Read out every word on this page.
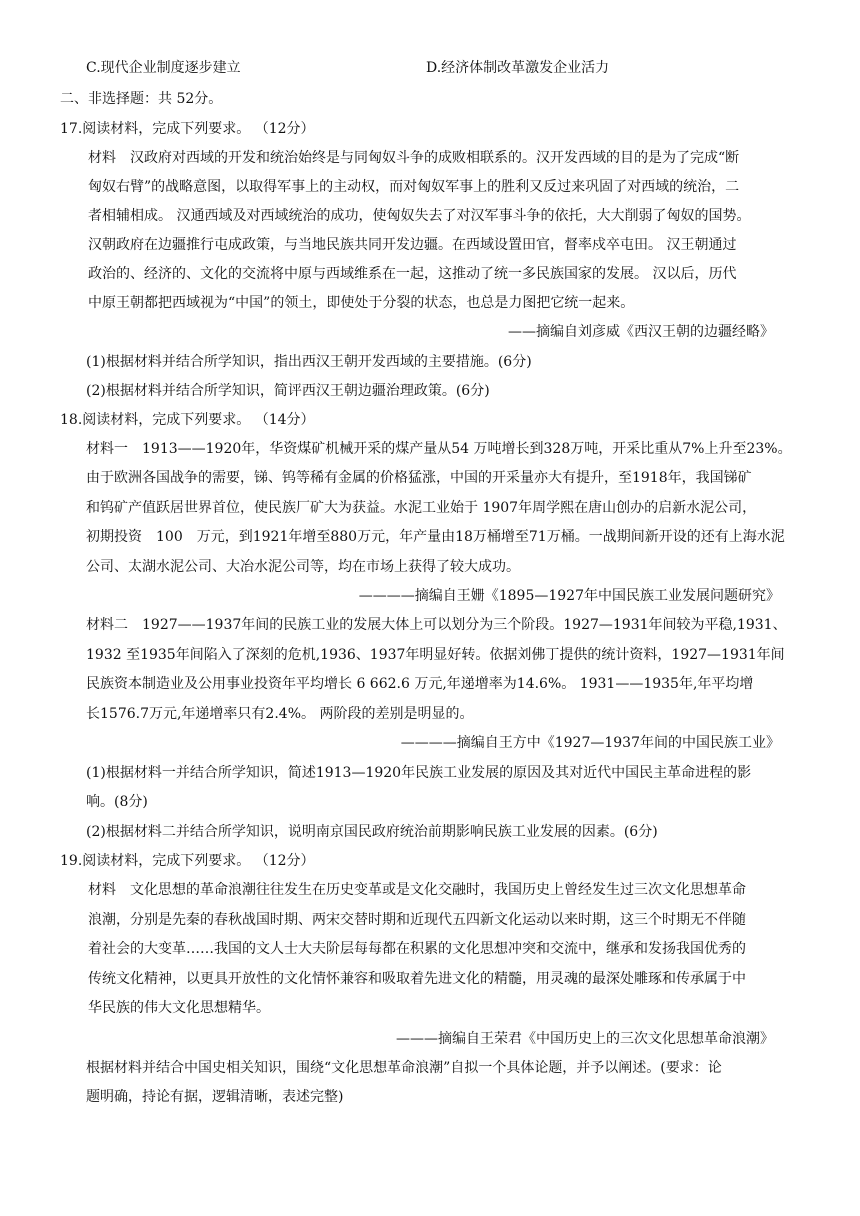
C.现代企业制度逐步建立	D.经济体制改革激发企业活力
二、非选择题：共 52分。
17.阅读材料，完成下列要求。 （12分）
材料　汉政府对西域的开发和统治始终是与同匈奴斗争的成败相联系的。汉开发西域的目的是为了完成“断
匈奴右臂”的战略意图，以取得军事上的主动权，而对匈奴军事上的胜利又反过来巩固了对西域的统治，二
者相辅相成。 汉通西域及对西域统治的成功，使匈奴失去了对汉军事斗争的依托，大大削弱了匈奴的国势。
汉朝政府在边疆推行屯成政策，与当地民族共同开发边疆。在西域设置田官，督率戍卒屯田。 汉王朝通过
政治的、经济的、文化的交流将中原与西域维系在一起，这推动了统一多民族国家的发展。 汉以后，历代
中原王朝都把西域视为“中国”的领土，即使处于分裂的状态，也总是力图把它统一起来。
——摘编自刘彦威《西汉王朝的边疆经略》
(1)根据材料并结合所学知识，指出西汉王朝开发西域的主要措施。(6分)
(2)根据材料并结合所学知识，简评西汉王朝边疆治理政策。(6分)
18.阅读材料，完成下列要求。 （14分）
材料一　1913——1920年，华资煤矿机械开采的煤产量从54 万吨增长到328万吨，开采比重从7%上升至23%。
由于欧洲各国战争的需要，锑、钨等稀有金属的价格猛涨，中国的开采量亦大有提升，至1918年，我国锑矿
和钨矿产值跃居世界首位，使民族厂矿大为获益。水泥工业始于 1907年周学熙在唐山创办的启新水泥公司，
初期投资　100　万元，到1921年增至880万元，年产量由18万桶增至71万桶。一战期间新开设的还有上海水泥
公司、太湖水泥公司、大冶水泥公司等，均在市场上获得了较大成功。
————摘编自王姗《1895—1927年中国民族工业发展问题研究》
材料二　1927——1937年间的民族工业的发展大体上可以划分为三个阶段。1927—1931年间较为平稳,1931、
1932 至1935年间陷入了深刻的危机,1936、1937年明显好转。依据刘佛丁提供的统计资料，1927—1931年间
民族资本制造业及公用事业投资年平均增长 6 662.6 万元,年递增率为14.6%。 1931——1935年,年平均增
长1576.7万元,年递增率只有2.4%。 两阶段的差别是明显的。
————摘编自王方中《1927—1937年间的中国民族工业》
(1)根据材料一并结合所学知识，简述1913—1920年民族工业发展的原因及其对近代中国民主革命进程的影
响。(8分)
(2)根据材料二并结合所学知识，说明南京国民政府统治前期影响民族工业发展的因素。(6分)
19.阅读材料，完成下列要求。 （12分）
材料　文化思想的革命浪潮往往发生在历史变革或是文化交融时，我国历史上曾经发生过三次文化思想革命
浪潮，分别是先秦的春秋战国时期、两宋交替时期和近现代五四新文化运动以来时期，这三个时期无不伴随
着社会的大变革……我国的文人士大夫阶层每每都在积累的文化思想冲突和交流中，继承和发扬我国优秀的
传统文化精神，以更具开放性的文化情怀兼容和吸取着先进文化的精髓，用灵魂的最深处雕琢和传承属于中
华民族的伟大文化思想精华。
———摘编自王荣君《中国历史上的三次文化思想革命浪潮》
根据材料并结合中国史相关知识，围绕“文化思想革命浪潮”自拟一个具体论题，并予以阐述。(要求：论
题明确，持论有据，逻辑清晰，表述完整)
